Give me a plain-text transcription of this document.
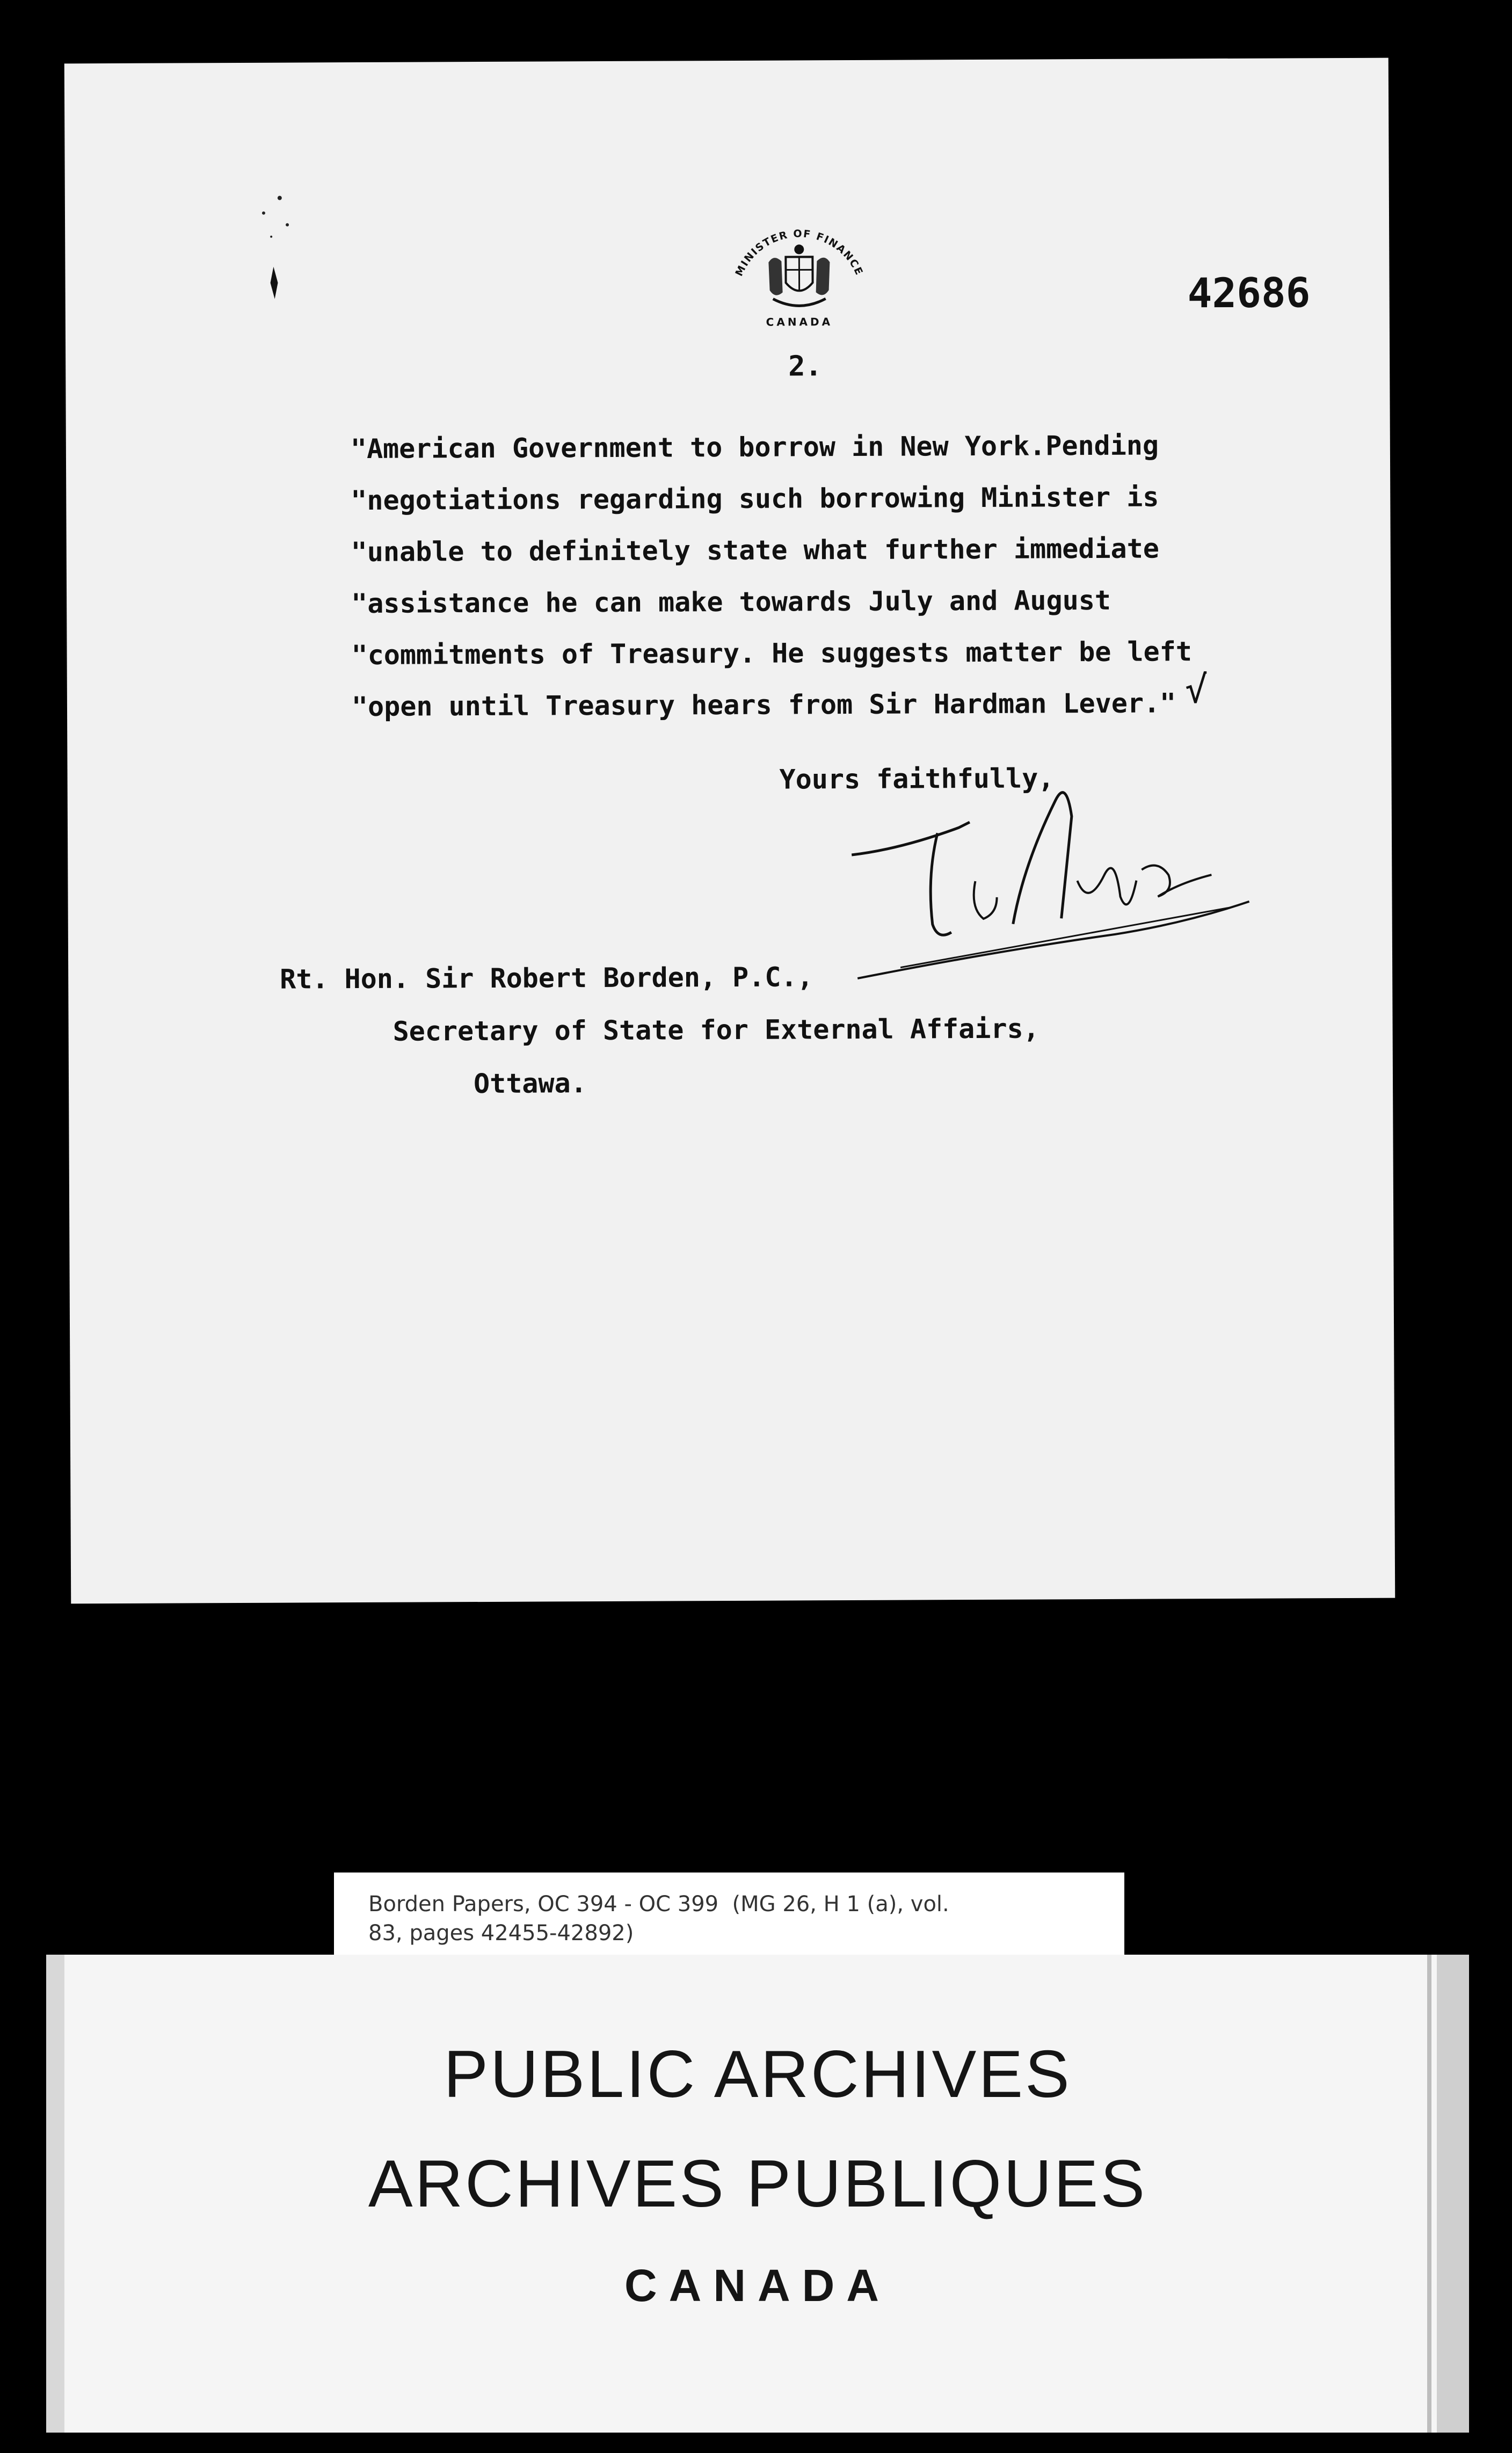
MINISTER OF FINANCE
CANADA
2.
42686
"American Government to borrow in New York.Pending
"negotiations regarding such borrowing Minister is
"unable to definitely state what further immediate
"assistance he can make towards July and August
"commitments of Treasury. He suggests matter be left
"open until Treasury hears from Sir Hardman Lever." √
Yours faithfully,
Rt. Hon. Sir Robert Borden, P.C.,
Secretary of State for External Affairs,
Ottawa.
Borden Papers, OC 394 - OC 399  (MG 26, H 1 (a), vol.
83, pages 42455-42892)
PUBLIC ARCHIVES
ARCHIVES PUBLIQUES
CANADA
